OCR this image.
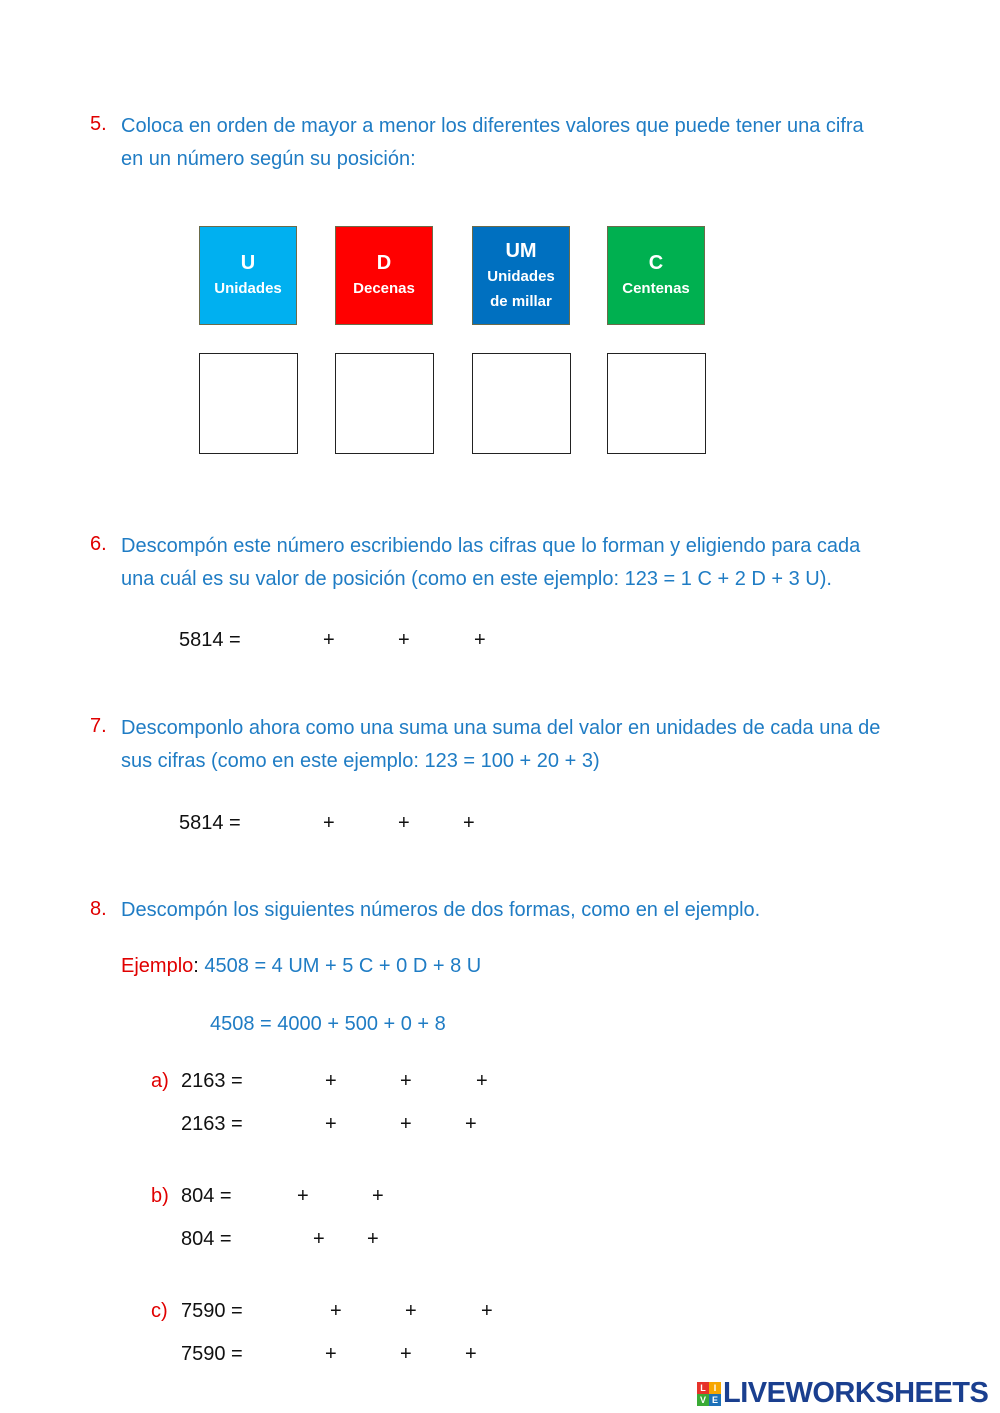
5. Coloca en orden de mayor a menor los diferentes valores que puede tener una cifra
en un número según su posición:
U
Unidades
D
Decenas
UM
Unidades
de millar
C
Centenas
6. Descompón este número escribiendo las cifras que lo forman y eligiendo para cada
una cuál es su valor de posición (como en este ejemplo: 123 = 1 C + 2 D + 3 U).
5814 =	+	+	+
7. Descomponlo ahora como una suma una suma del valor en unidades de cada una de
sus cifras (como en este ejemplo: 123 = 100 + 20 + 3)
5814 =	+	+	+
8. Descompón los siguientes números de dos formas, como en el ejemplo.
Ejemplo: 4508 = 4 UM + 5 C + 0 D + 8 U
4508 = 4000 + 500 + 0 + 8
a) 2163 =	+	+	+
2163 =	+	+	+
b) 804 =	+	+
804 =	+ +
c) 7590 =	+	+	+
7590 =	+	+	+
L I
V E LIVEWORKSHEETS
